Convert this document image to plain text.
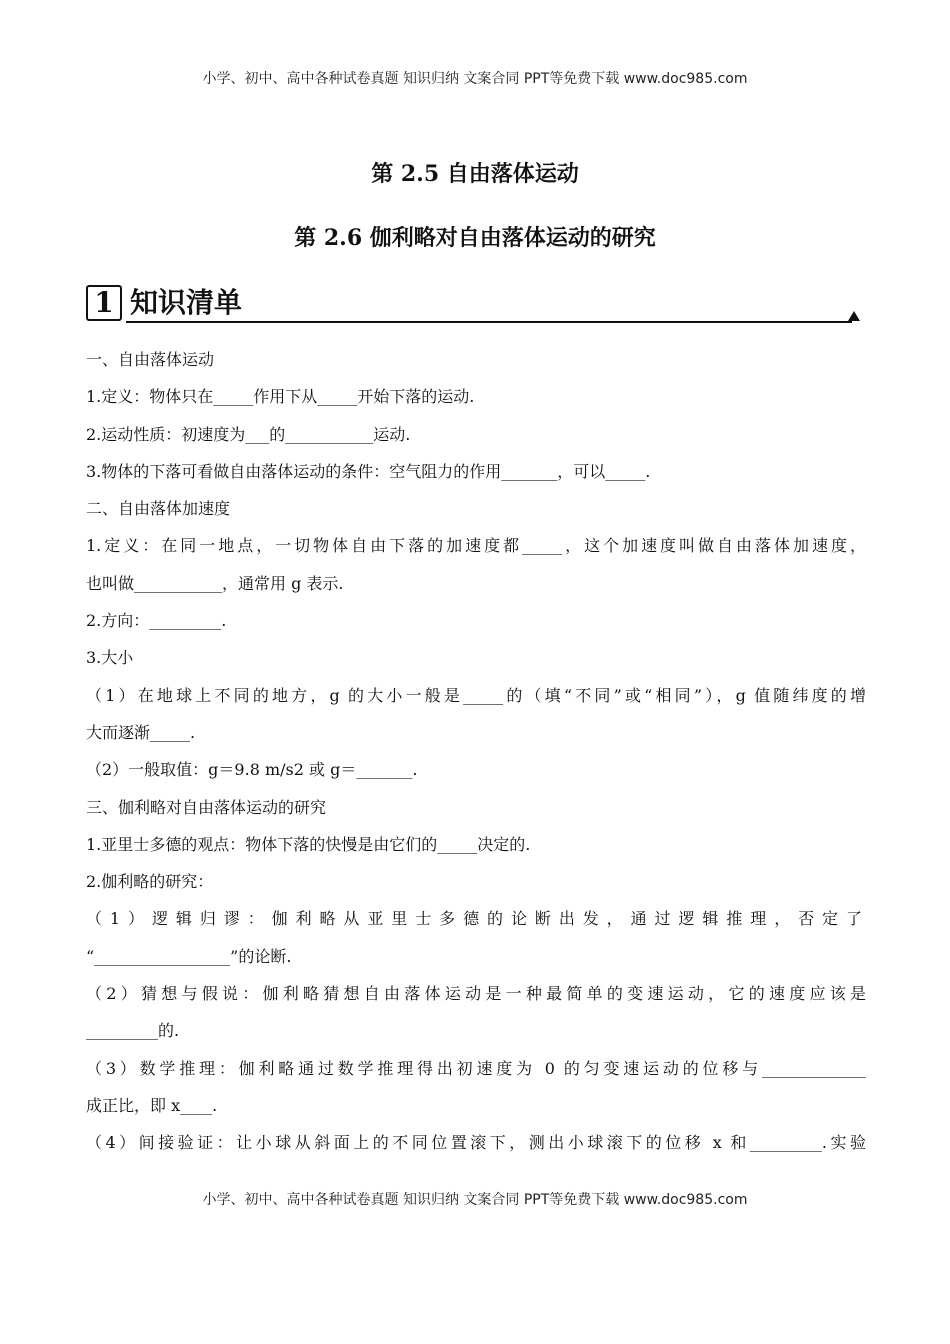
小学、初中、高中各种试卷真题 知识归纳 文案合同 PPT等免费下载 www.doc985.com
第 2.5 自由落体运动
第 2.6 伽利略对自由落体运动的研究
1 知识清单
一、自由落体运动
1.定义：物体只在_____作用下从_____开始下落的运动.
2.运动性质：初速度为___的___________运动.
3.物体的下落可看做自由落体运动的条件：空气阻力的作用_______，可以_____.
二、自由落体加速度
1.定义：在同一地点，一切物体自由下落的加速度都_____，这个加速度叫做自由落体加速度，
也叫做___________，通常用 g 表示.
2.方向：_________.
3.大小
（1）在地球上不同的地方，g 的大小一般是_____的（填“不同”或“相同”），g 值随纬度的增
大而逐渐_____.
（2）一般取值：g＝9.8 m/s2 或 g＝_______.
三、伽利略对自由落体运动的研究
1.亚里士多德的观点：物体下落的快慢是由它们的_____决定的.
2.伽利略的研究：
（1）逻辑归谬：伽利略从亚里士多德的论断出发，通过逻辑推理，否定了
“_________________”的论断.
（2）猜想与假说：伽利略猜想自由落体运动是一种最简单的变速运动，它的速度应该是
_________的.
（3）数学推理：伽利略通过数学推理得出初速度为 0 的匀变速运动的位移与_____________
成正比，即 x____.
（4）间接验证：让小球从斜面上的不同位置滚下，测出小球滚下的位移 x 和_________.实验
小学、初中、高中各种试卷真题 知识归纳 文案合同 PPT等免费下载 www.doc985.com
